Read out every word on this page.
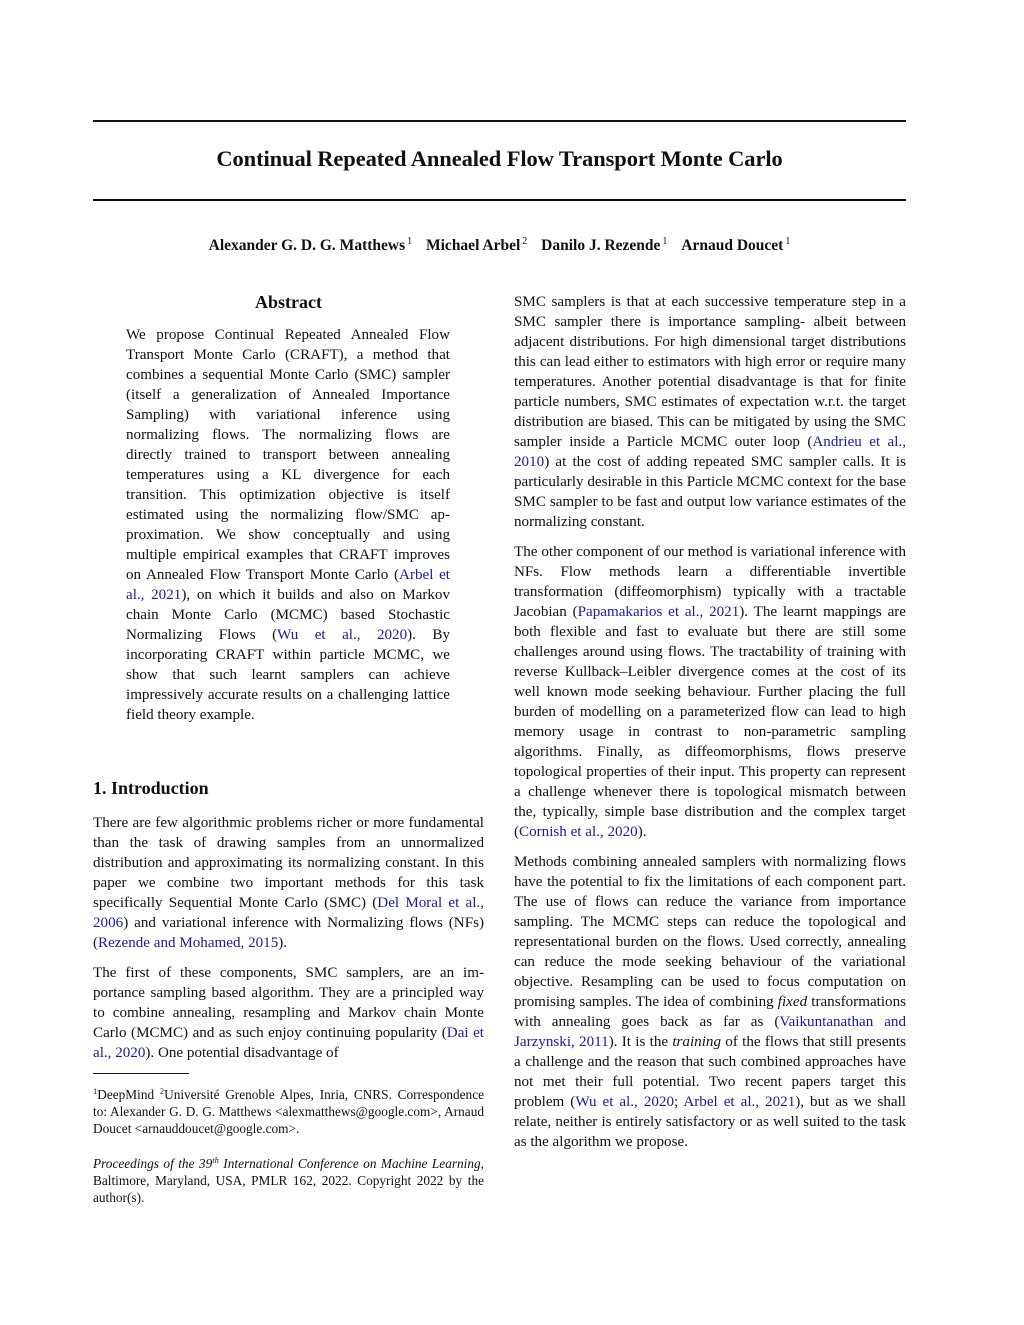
Continual Repeated Annealed Flow Transport Monte Carlo
Alexander G. D. G. Matthews $^1$ Michael Arbel $^2$ Danilo J. Rezende $^1$ Arnaud Doucet $^1$
Abstract
We propose Continual Repeated Annealed Flow Transport Monte Carlo (CRAFT), a method that combines a sequential Monte Carlo (SMC) sampler (itself a generalization of Annealed Importance Sampling) with variational inference using normalizing flows. The normalizing flows are directly trained to transport between annealing temperatures using a KL divergence for each transition. This optimization objective is itself estimated using the normalizing flow/SMC approximation. We show conceptually and using multiple empirical examples that CRAFT improves on Annealed Flow Transport Monte Carlo (Arbel et al., 2021), on which it builds and also on Markov chain Monte Carlo (MCMC) based Stochastic Normalizing Flows (Wu et al., 2020). By incorporating CRAFT within particle MCMC, we show that such learnt samplers can achieve impressively accurate results on a challenging lattice field theory example.
1. Introduction

There are few algorithmic problems richer or more fundamental than the task of drawing samples from an unnormalized distribution and approximating its normalizing constant. In this paper we combine two important methods for this task specifically Sequential Monte Carlo (SMC) (Del Moral et al., 2006) and variational inference with Normalizing flows (NFs) (Rezende and Mohamed, 2015).

The first of these components, SMC samplers, are an importance sampling based algorithm. They are a principled way to combine annealing, resampling and Markov chain Monte Carlo (MCMC) and as such enjoy continuing popularity (Dai et al., 2020). One potential disadvantage of

$^1$DeepMind $^2$Université Grenoble Alpes, Inria, CNRS. Correspondence to: Alexander G. D. G. Matthews <alexmatthews@google.com>, Arnaud Doucet <arnauddoucet@google.com>.

Proceedings of the 39th International Conference on Machine Learning, Baltimore, Maryland, USA, PMLR 162, 2022. Copyright 2022 by the author(s).

SMC samplers is that at each successive temperature step in a SMC sampler there is importance sampling- albeit between adjacent distributions. For high dimensional target distributions this can lead either to estimators with high error or require many temperatures. Another potential disadvantage is that for finite particle numbers, SMC estimates of expectation w.r.t. the target distribution are biased. This can be mitigated by using the SMC sampler inside a Particle MCMC outer loop (Andrieu et al., 2010) at the cost of adding repeated SMC sampler calls. It is particularly desirable in this Particle MCMC context for the base SMC sampler to be fast and output low variance estimates of the normalizing constant.

The other component of our method is variational inference with NFs. Flow methods learn a differentiable invertible transformation (diffeomorphism) typically with a tractable Jacobian (Papamakarios et al., 2021). The learnt mappings are both flexible and fast to evaluate but there are still some challenges around using flows. The tractability of training with reverse Kullback–Leibler divergence comes at the cost of its well known mode seeking behaviour. Further placing the full burden of modelling on a parameterized flow can lead to high memory usage in contrast to non-parametric sampling algorithms. Finally, as diffeomorphisms, flows preserve topological properties of their input. This property can represent a challenge whenever there is topological mismatch between the, typically, simple base distribution and the complex target (Cornish et al., 2020).

Methods combining annealed samplers with normalizing flows have the potential to fix the limitations of each component part. The use of flows can reduce the variance from importance sampling. The MCMC steps can reduce the topological and representational burden on the flows. Used correctly, annealing can reduce the mode seeking behaviour of the variational objective. Resampling can be used to focus computation on promising samples. The idea of combining fixed transformations with annealing goes back as far as (Vaikuntanathan and Jarzynski, 2011). It is the training of the flows that still presents a challenge and the reason that such combined approaches have not met their full potential. Two recent papers target this problem (Wu et al., 2020; Arbel et al., 2021), but as we shall relate, neither is entirely satisfactory or as well suited to the task as the algorithm we propose.
